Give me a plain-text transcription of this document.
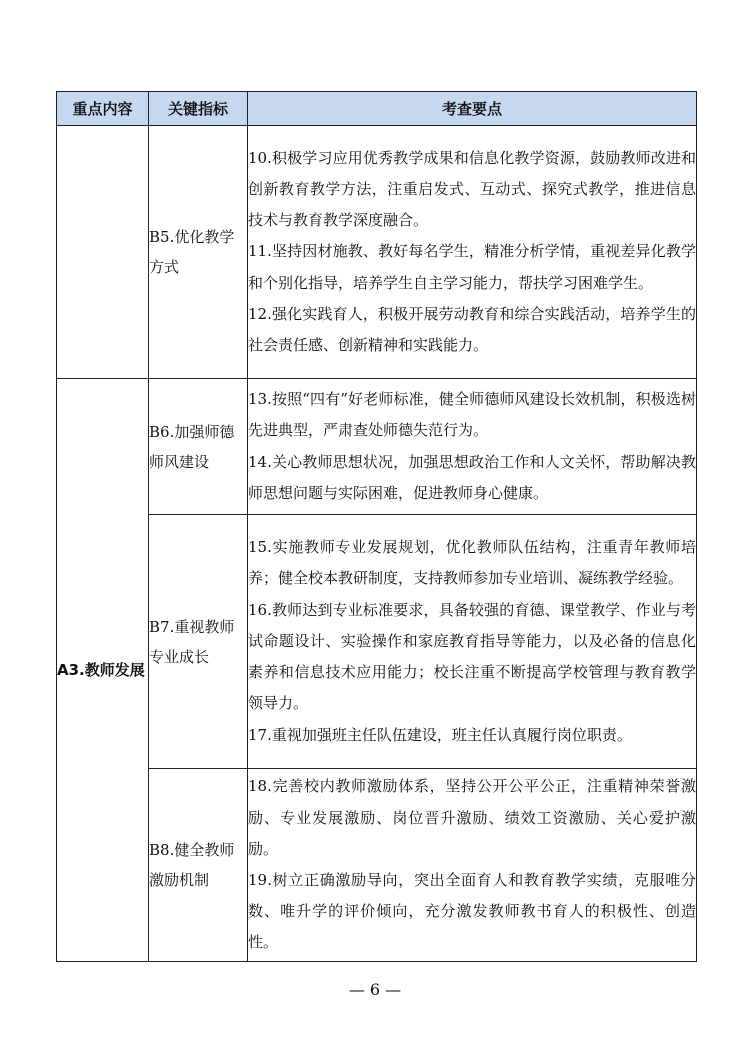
重点内容	关键指标	考查要点
	B5.优化教学方式	10.积极学习应用优秀教学成果和信息化教学资源，鼓励教师改进和创新教育教学方法，注重启发式、互动式、探究式教学，推进信息技术与教育教学深度融合。

11.坚持因材施教、教好每名学生，精准分析学情，重视差异化教学和个别化指导，培养学生自主学习能力，帮扶学习困难学生。

12.强化实践育人，积极开展劳动教育和综合实践活动，培养学生的社会责任感、创新精神和实践能力。

A3.教师发展	B6.加强师德师风建设	13.按照“四有”好老师标准，健全师德师风建设长效机制，积极选树先进典型，严肃查处师德失范行为。

14.关心教师思想状况，加强思想政治工作和人文关怀，帮助解决教师思想问题与实际困难，促进教师身心健康。

	B7.重视教师专业成长	15.实施教师专业发展规划，优化教师队伍结构，注重青年教师培养；健全校本教研制度，支持教师参加专业培训、凝练教学经验。

16.教师达到专业标准要求，具备较强的育德、课堂教学、作业与考试命题设计、实验操作和家庭教育指导等能力，以及必备的信息化素养和信息技术应用能力；校长注重不断提高学校管理与教育教学领导力。

17.重视加强班主任队伍建设，班主任认真履行岗位职责。

	B8.健全教师激励机制	18.完善校内教师激励体系，坚持公开公平公正，注重精神荣誉激励、专业发展激励、岗位晋升激励、绩效工资激励、关心爱护激励。

19.树立正确激励导向，突出全面育人和教育教学实绩，克服唯分数、唯升学的评价倾向，充分激发教师教书育人的积极性、创造性。

— 6 —
